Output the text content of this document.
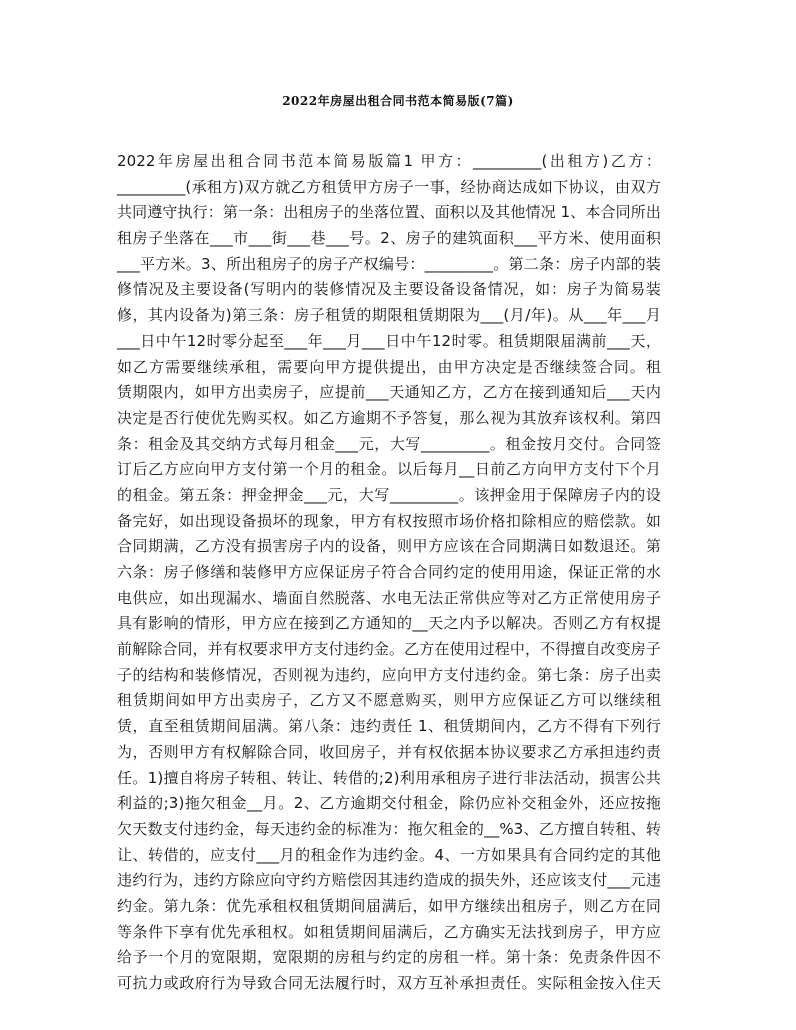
2022年房屋出租合同书范本简易版(7篇)
2022年房屋出租合同书范本简易版篇1 甲方：_________(出租方)乙方：
_________(承租方)双方就乙方租赁甲方房子一事，经协商达成如下协议，由双方
共同遵守执行：第一条：出租房子的坐落位置、面积以及其他情况 1、本合同所出
租房子坐落在___市___街___巷___号。2、房子的建筑面积___平方米、使用面积
___平方米。3、所出租房子的房子产权编号：_________。第二条：房子内部的装
修情况及主要设备(写明内的装修情况及主要设备设备情况，如：房子为简易装
修，其内设备为)第三条：房子租赁的期限租赁期限为___(月/年)。从___年___月
___日中午12时零分起至___年___月___日中午12时零。租赁期限届满前___天，
如乙方需要继续承租，需要向甲方提供提出，由甲方决定是否继续签合同。租
赁期限内，如甲方出卖房子，应提前___天通知乙方，乙方在接到通知后___天内
决定是否行使优先购买权。如乙方逾期不予答复，那么视为其放弃该权利。第四
条：租金及其交纳方式每月租金___元，大写_________。租金按月交付。合同签
订后乙方应向甲方支付第一个月的租金。以后每月__日前乙方向甲方支付下个月
的租金。第五条：押金押金___元，大写_________。该押金用于保障房子内的设
备完好，如出现设备损坏的现象，甲方有权按照市场价格扣除相应的赔偿款。如
合同期满，乙方没有损害房子内的设备，则甲方应该在合同期满日如数退还。第
六条：房子修缮和装修甲方应保证房子符合合同约定的使用用途，保证正常的水
电供应，如出现漏水、墙面自然脱落、水电无法正常供应等对乙方正常使用房子
具有影响的情形，甲方应在接到乙方通知的__天之内予以解决。否则乙方有权提
前解除合同，并有权要求甲方支付违约金。乙方在使用过程中，不得擅自改变房子
子的结构和装修情况，否则视为违约，应向甲方支付违约金。第七条：房子出卖
租赁期间如甲方出卖房子，乙方又不愿意购买，则甲方应保证乙方可以继续租
赁，直至租赁期间届满。第八条：违约责任 1、租赁期间内，乙方不得有下列行
为，否则甲方有权解除合同，收回房子，并有权依据本协议要求乙方承担违约责
任。1)擅自将房子转租、转让、转借的;2)利用承租房子进行非法活动，损害公共
利益的;3)拖欠租金__月。2、乙方逾期交付租金，除仍应补交租金外，还应按拖
欠天数支付违约金，每天违约金的标准为：拖欠租金的__%3、乙方擅自转租、转
让、转借的，应支付___月的租金作为违约金。4、一方如果具有合同约定的其他
违约行为，违约方除应向守约方赔偿因其违约造成的损失外，还应该支付___元违
约金。第九条：优先承租权租赁期间届满后，如甲方继续出租房子，则乙方在同
等条件下享有优先承租权。如租赁期间届满后，乙方确实无法找到房子，甲方应
给予一个月的宽限期，宽限期的房租与约定的房租一样。第十条：免责条件因不
可抗力或政府行为导致合同无法履行时，双方互补承担责任。实际租金按入住天
